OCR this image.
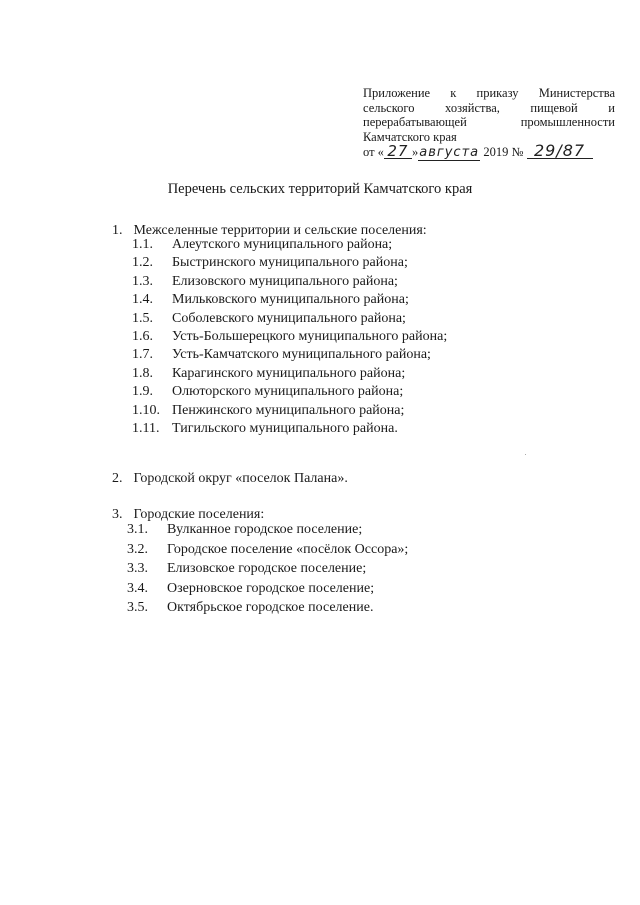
Приложение к приказу Министерства
сельского хозяйства, пищевой и
перерабатывающей промышленности
Камчатского края
от « 27 »августа 2019 № 29/87
Перечень сельских территорий Камчатского края
1. Межселенные территории и сельские поселения:
1.1. Алеутского муниципального района;
1.2. Быстринского муниципального района;
1.3. Елизовского муниципального района;
1.4. Мильковского муниципального района;
1.5. Соболевского муниципального района;
1.6. Усть-Большерецкого муниципального района;
1.7. Усть-Камчатского муниципального района;
1.8. Карагинского муниципального района;
1.9. Олюторского муниципального района;
1.10. Пенжинского муниципального района;
1.11. Тигильского муниципального района.
2. Городской округ «поселок Палана».
3. Городские поселения:
3.1. Вулканное городское поселение;
3.2. Городское поселение «посёлок Оссора»;
3.3. Елизовское городское поселение;
3.4. Озерновское городское поселение;
3.5. Октябрьское городское поселение.
